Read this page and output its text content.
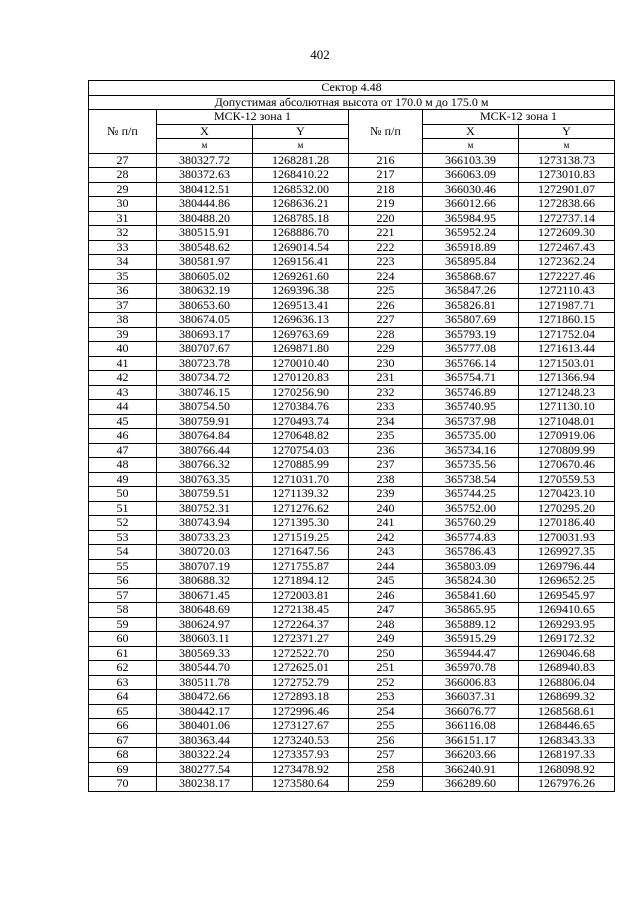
402
Сектор 4.48					
Допустимая абсолютная высота от 170.0 м до 175.0 м					
№ п/п	МСК-12 зона 1		№ п/п	МСК-12 зона 1	
	X	Y		X	Y
	м	м		м	м
27	380327.72	1268281.28	216	366103.39	1273138.73
28	380372.63	1268410.22	217	366063.09	1273010.83
29	380412.51	1268532.00	218	366030.46	1272901.07
30	380444.86	1268636.21	219	366012.66	1272838.66
31	380488.20	1268785.18	220	365984.95	1272737.14
32	380515.91	1268886.70	221	365952.24	1272609.30
33	380548.62	1269014.54	222	365918.89	1272467.43
34	380581.97	1269156.41	223	365895.84	1272362.24
35	380605.02	1269261.60	224	365868.67	1272227.46
36	380632.19	1269396.38	225	365847.26	1272110.43
37	380653.60	1269513.41	226	365826.81	1271987.71
38	380674.05	1269636.13	227	365807.69	1271860.15
39	380693.17	1269763.69	228	365793.19	1271752.04
40	380707.67	1269871.80	229	365777.08	1271613.44
41	380723.78	1270010.40	230	365766.14	1271503.01
42	380734.72	1270120.83	231	365754.71	1271366.94
43	380746.15	1270256.90	232	365746.89	1271248.23
44	380754.50	1270384.76	233	365740.95	1271130.10
45	380759.91	1270493.74	234	365737.98	1271048.01
46	380764.84	1270648.82	235	365735.00	1270919.06
47	380766.44	1270754.03	236	365734.16	1270809.99
48	380766.32	1270885.99	237	365735.56	1270670.46
49	380763.35	1271031.70	238	365738.54	1270559.53
50	380759.51	1271139.32	239	365744.25	1270423.10
51	380752.31	1271276.62	240	365752.00	1270295.20
52	380743.94	1271395.30	241	365760.29	1270186.40
53	380733.23	1271519.25	242	365774.83	1270031.93
54	380720.03	1271647.56	243	365786.43	1269927.35
55	380707.19	1271755.87	244	365803.09	1269796.44
56	380688.32	1271894.12	245	365824.30	1269652.25
57	380671.45	1272003.81	246	365841.60	1269545.97
58	380648.69	1272138.45	247	365865.95	1269410.65
59	380624.97	1272264.37	248	365889.12	1269293.95
60	380603.11	1272371.27	249	365915.29	1269172.32
61	380569.33	1272522.70	250	365944.47	1269046.68
62	380544.70	1272625.01	251	365970.78	1268940.83
63	380511.78	1272752.79	252	366006.83	1268806.04
64	380472.66	1272893.18	253	366037.31	1268699.32
65	380442.17	1272996.46	254	366076.77	1268568.61
66	380401.06	1273127.67	255	366116.08	1268446.65
67	380363.44	1273240.53	256	366151.17	1268343.33
68	380322.24	1273357.93	257	366203.66	1268197.33
69	380277.54	1273478.92	258	366240.91	1268098.92
70	380238.17	1273580.64	259	366289.60	1267976.26
